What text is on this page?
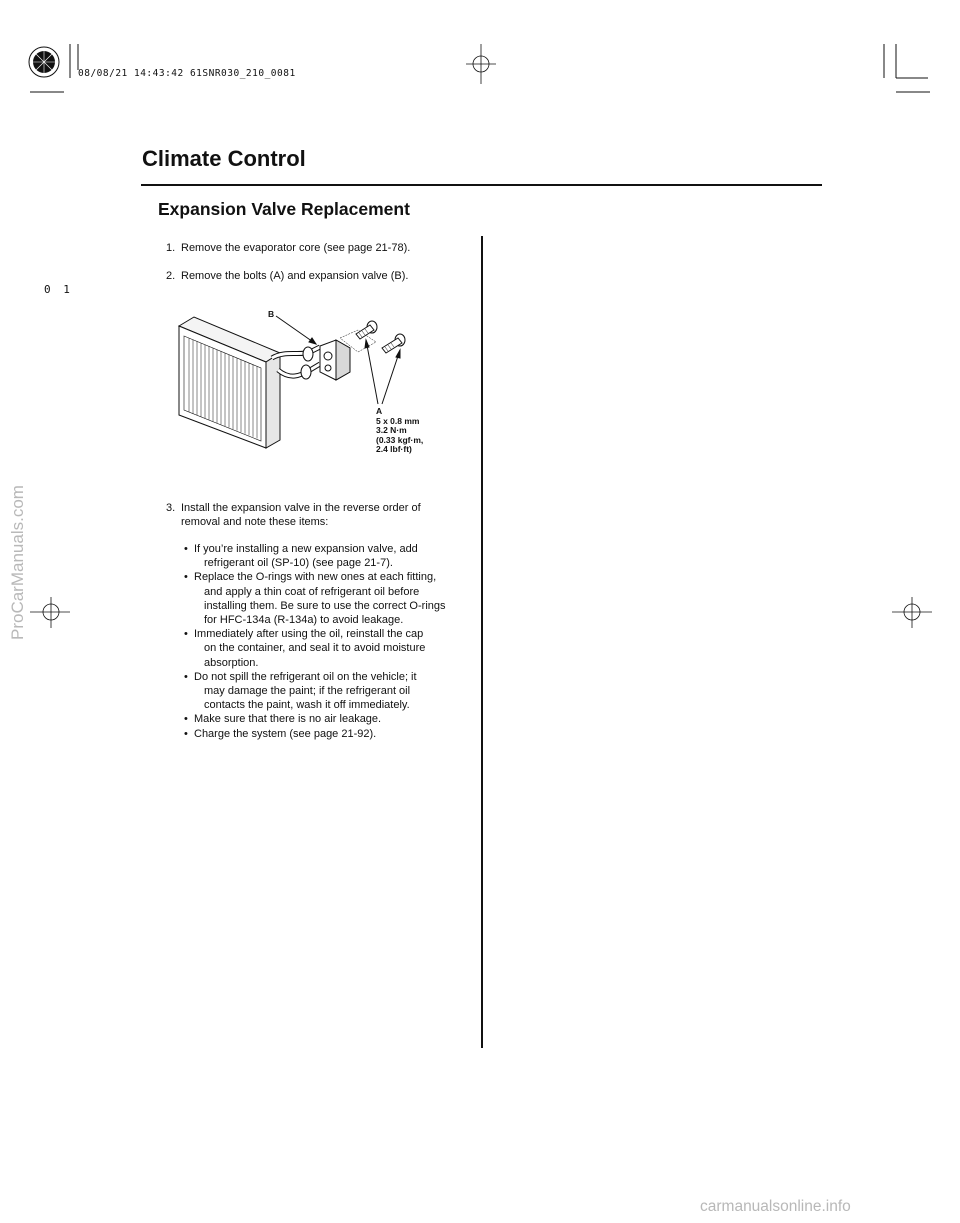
08/08/21 14:43:42 61SNR030_210_0081
0 1
Climate Control
Expansion Valve Replacement
1. Remove the evaporator core (see page 21-78).
2. Remove the bolts (A) and expansion valve (B).
B
A
5 x 0.8 mm
3.2 N·m
(0.33 kgf·m,
2.4 lbf·ft)
3. Install the expansion valve in the reverse order of
removal and note these items:
• If you’re installing a new expansion valve, add
refrigerant oil (SP-10) (see page 21-7).
• Replace the O-rings with new ones at each fitting,
and apply a thin coat of refrigerant oil before
installing them. Be sure to use the correct O-rings
for HFC-134a (R-134a) to avoid leakage.
• Immediately after using the oil, reinstall the cap
on the container, and seal it to avoid moisture
absorption.
• Do not spill the refrigerant oil on the vehicle; it
may damage the paint; if the refrigerant oil
contacts the paint, wash it off immediately.
• Make sure that there is no air leakage.
• Charge the system (see page 21-92).
ProCarManuals.com
carmanualsonline.info
